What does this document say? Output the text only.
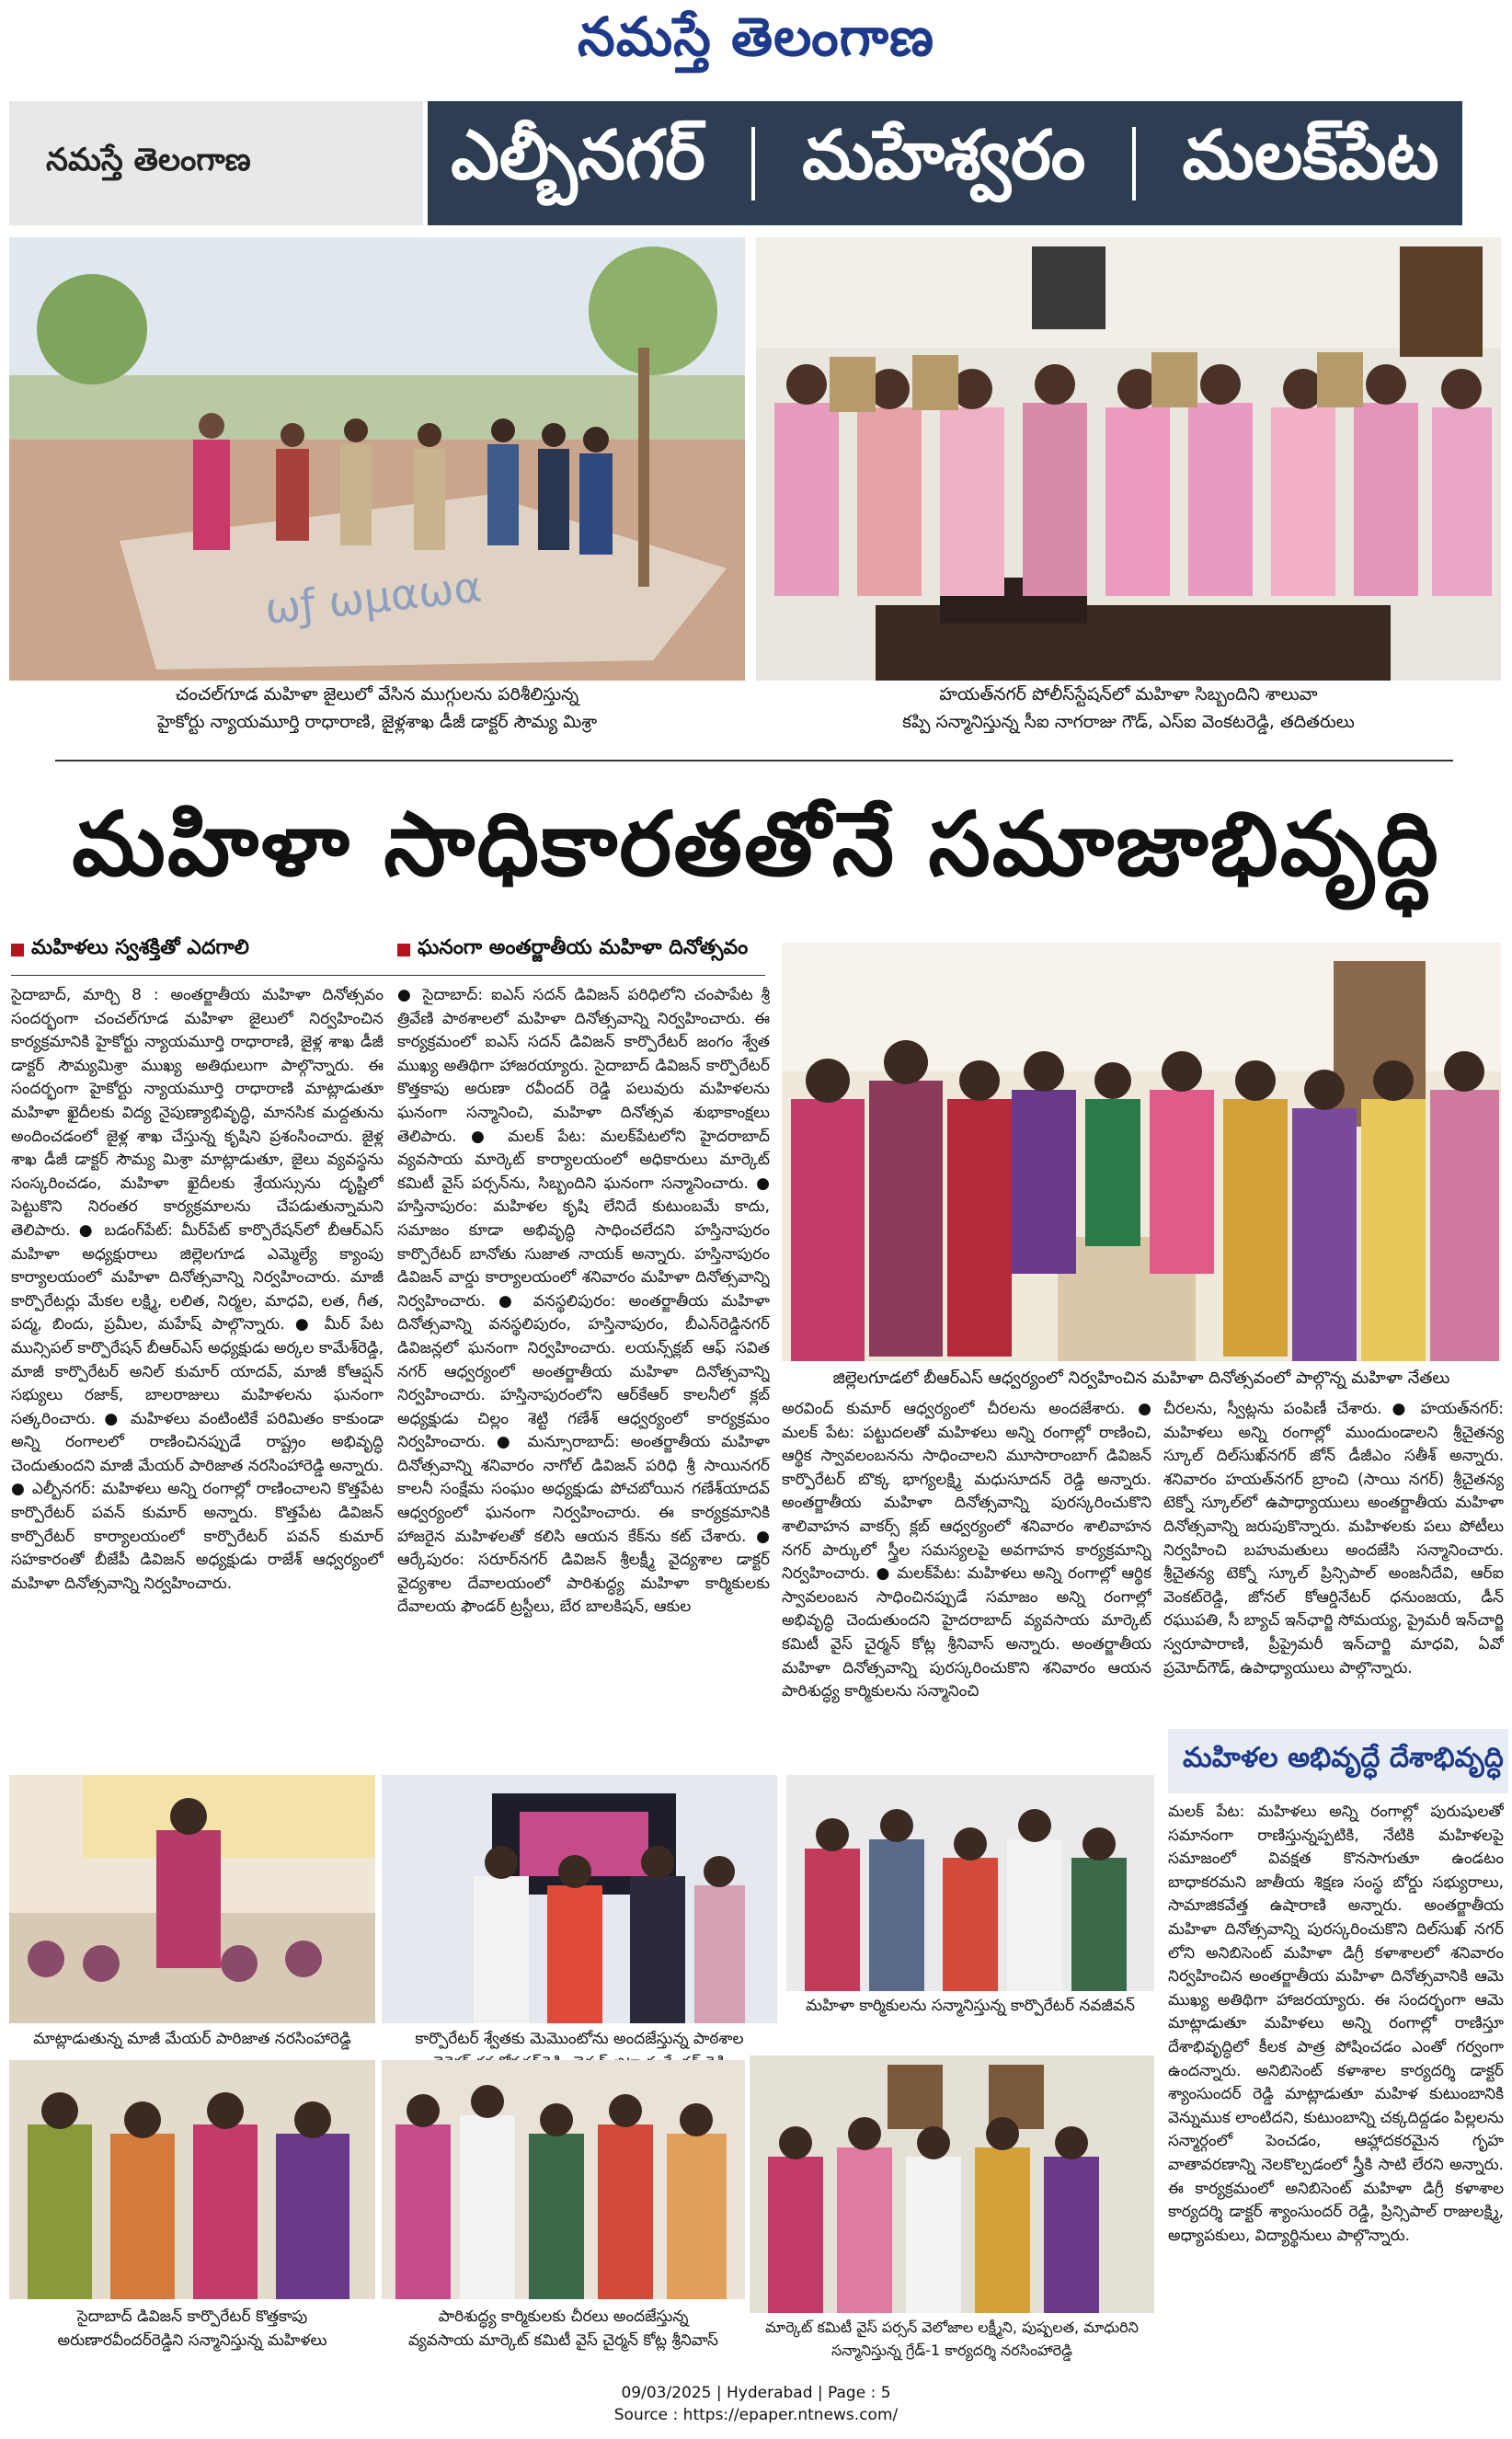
నమస్తే తెలంగాణ
నమస్తే తెలంగాణ	ఎల్బీనగర్ మహేశ్వరం మలక్‌పేట
ωƒ ωμαωα
చంచల్‌గూడ మహిళా జైలులో వేసిన ముగ్గులను పరిశీలిస్తున్న
హైకోర్టు న్యాయమూర్తి రాధారాణి, జైళ్లశాఖ డీజీ డాక్టర్ సౌమ్య మిశ్రా
హయత్‌నగర్ పోలీస్‌స్టేషన్‌లో మహిళా సిబ్బందిని శాలువా
కప్పి సన్మానిస్తున్న సీఐ నాగరాజు గౌడ్, ఎస్ఐ వెంకటరెడ్డి, తదితరులు
మహిళా సాధికారతతోనే సమాజాభివృద్ధి
మహిళలు స్వశక్తితో ఎదగాలి	ఘనంగా అంతర్జాతీయ మహిళా దినోత్సవం

సైదాబాద్, మార్చి 8 : అంతర్జాతీయ మహిళా దినోత్సవం సందర్భంగా చంచల్‌గూడ మహిళా జైలులో నిర్వహించిన కార్యక్రమానికి హైకోర్టు న్యాయమూర్తి రాధారాణి, జైళ్ల శాఖ డీజీ డాక్టర్ సౌమ్యమిశ్రా ముఖ్య అతిథులుగా పాల్గొన్నారు. ఈ సందర్భంగా హైకోర్టు న్యాయమూర్తి రాధారాణి మాట్లాడుతూ మహిళా ఖైదీలకు విద్య నైపుణ్యాభివృద్ధి, మానసిక మద్దతును అందించడంలో జైళ్ల శాఖ చేస్తున్న కృషిని ప్రశంసించారు. జైళ్ల శాఖ డీజీ డాక్టర్ సౌమ్య మిశ్రా మాట్లాడుతూ, జైలు వ్యవస్థను సంస్కరించడం, మహిళా ఖైదీలకు శ్రేయస్సును దృష్టిలో పెట్టుకొని నిరంతర కార్యక్రమాలను చేపడుతున్నామని తెలిపారు. ● బడంగ్‌పేట్: మీర్‌పేట్ కార్పొరేషన్‌లో బీఆర్‌ఎస్ మహిళా అధ్యక్షురాలు జిల్లెలగూడ ఎమ్మెల్యే క్యాంపు కార్యాలయంలో మహిళా దినోత్సవాన్ని నిర్వహించారు. మాజీ కార్పొరేటర్లు మేకల లక్ష్మి, లలిత, నిర్మల, మాధవి, లత, గీత, పద్మ, బిందు, ప్రమీల, మహేష్ పాల్గొన్నారు. ● మీర్ పేట మున్సిపల్ కార్పొరేషన్ బీఆర్ఎస్ అధ్యక్షుడు అర్కల కామేశ్‌రెడ్డి, మాజీ కార్పొరేటర్ అనిల్ కుమార్ యాదవ్, మాజీ కోఆప్షన్ సభ్యులు రజాక్, బాలరాజులు మహిళలను ఘనంగా సత్కరించారు. ● మహిళలు వంటింటికే పరిమితం కాకుండా అన్ని రంగాలలో రాణించినప్పుడే రాష్ట్రం అభివృద్ధి చెందుతుందని మాజీ మేయర్ పారిజాత నరసింహారెడ్డి అన్నారు. ● ఎల్బీనగర్: మహిళలు అన్ని రంగాల్లో రాణించాలని కొత్తపేట కార్పొరేటర్ పవన్ కుమార్ అన్నారు. కొత్తపేట డివిజన్ కార్పొరేటర్ కార్యాలయంలో కార్పొరేటర్ పవన్ కుమార్ సహకారంతో బీజేపీ డివిజన్ అధ్యక్షుడు రాజేశ్ ఆధ్వర్యంలో మహిళా దినోత్సవాన్ని నిర్వహించారు.

● సైదాబాద్: ఐఎస్ సదన్ డివిజన్ పరిధిలోని చంపాపేట శ్రీ త్రివేణి పాఠశాలలో మహిళా దినోత్సవాన్ని నిర్వహించారు. ఈ కార్యక్రమంలో ఐఎస్ సదన్ డివిజన్ కార్పొరేటర్ జంగం శ్వేత ముఖ్య అతిథిగా హాజరయ్యారు. సైదాబాద్ డివిజన్ కార్పొరేటర్ కొత్తకాపు అరుణా రవీందర్ రెడ్డి పలువురు మహిళలను ఘనంగా సన్మానించి, మహిళా దినోత్సవ శుభాకాంక్షలు తెలిపారు. ● మలక్ పేట: మలక్‌పేటలోని హైదరాబాద్ వ్యవసాయ మార్కెట్ కార్యాలయంలో అధికారులు మార్కెట్ కమిటీ వైస్ పర్సన్‌ను, సిబ్బందిని ఘనంగా సన్మానించారు. ● హస్తినాపురం: మహిళల కృషి లేనిదే కుటుంబమే కాదు, సమాజం కూడా అభివృద్ధి సాధించలేదని హస్తినాపురం కార్పొరేటర్ బానోతు సుజాత నాయక్ అన్నారు. హస్తినాపురం డివిజన్ వార్డు కార్యాలయంలో శనివారం మహిళా దినోత్సవాన్ని నిర్వహించారు. ● వనస్థలిపురం: అంతర్జాతీయ మహిళా దినోత్సవాన్ని వనస్థలిపురం, హస్తినాపురం, బీఎన్‌రెడ్డినగర్ డివిజన్లలో ఘనంగా నిర్వహించారు. లయన్స్‌క్లబ్ ఆఫ్ సవిత నగర్ ఆధ్వర్యంలో అంతర్జాతీయ మహిళా దినోత్సవాన్ని నిర్వహించారు. హస్తినాపురంలోని ఆర్‌కేఆర్ కాలనీలో క్లబ్ అధ్యక్షుడు చిల్లం శెట్టి గణేశ్ ఆధ్వర్యంలో కార్యక్రమం నిర్వహించారు. ● మన్సూరాబాద్: అంతర్జాతీయ మహిళా దినోత్సవాన్ని శనివారం నాగోల్ డివిజన్ పరిధి శ్రీ సాయినగర్ కాలనీ సంక్షేమ సంఘం అధ్యక్షుడు పోచబోయిన గణేశ్‌యాదవ్ ఆధ్వర్యంలో ఘనంగా నిర్వహించారు. ఈ కార్యక్రమానికి హాజరైన మహిళలతో కలిసి ఆయన కేక్‌ను కట్ చేశారు. ● ఆర్కేపురం: సరూర్‌నగర్ డివిజన్ శ్రీలక్ష్మీ వైద్యశాల డాక్టర్ వైద్యశాల దేవాలయంలో పారిశుద్ధ్య మహిళా కార్మికులకు దేవాలయ ఫౌండర్ ట్రస్టీలు, బేర బాలకిషన్, ఆకుల

జిల్లెలగూడలో బీఆర్‌ఎస్ ఆధ్వర్యంలో నిర్వహించిన మహిళా దినోత్సవంలో పాల్గొన్న మహిళా నేతలు

అరవింద్ కుమార్ ఆధ్వర్యంలో చీరలను అందజేశారు. ● మలక్ పేట: పట్టుదలతో మహిళలు అన్ని రంగాల్లో రాణించి, ఆర్థిక స్వావలంబనను సాధించాలని మూసారాంబాగ్ డివిజన్ కార్పొరేటర్ బొక్క భాగ్యలక్ష్మి మధుసూదన్ రెడ్డి అన్నారు. అంతర్జాతీయ మహిళా దినోత్సవాన్ని పురస్కరించుకొని శాలివాహన వాకర్స్ క్లబ్ ఆధ్వర్యంలో శనివారం శాలివాహన నగర్ పార్కులో స్త్రీల సమస్యలపై అవగాహన కార్యక్రమాన్ని నిర్వహించారు. ● మలక్‌పేట: మహిళలు అన్ని రంగాల్లో ఆర్థిక స్వావలంబన సాధించినప్పుడే సమాజం అన్ని రంగాల్లో అభివృద్ధి చెందుతుందని హైదరాబాద్ వ్యవసాయ మార్కెట్ కమిటీ వైస్ చైర్మన్ కోట్ల శ్రీనివాస్ అన్నారు. అంతర్జాతీయ మహిళా దినోత్సవాన్ని పురస్కరించుకొని శనివారం ఆయన పారిశుద్ధ్య కార్మికులను సన్మానించి

చీరలను, స్వీట్లను పంపిణీ చేశారు. ● హయత్‌నగర్: మహిళలు అన్ని రంగాల్లో ముందుండాలని శ్రీచైతన్య స్కూల్ దిల్‌సుఖ్‌నగర్ జోన్ డీజీఎం సతీశ్ అన్నారు. శనివారం హయత్‌నగర్ బ్రాంచి (సాయి నగర్) శ్రీచైతన్య టెక్నో స్కూల్‌లో ఉపాధ్యాయులు అంతర్జాతీయ మహిళా దినోత్సవాన్ని జరుపుకొన్నారు. మహిళలకు పలు పోటీలు నిర్వహించి బహుమతులు అందజేసి సన్మానించారు. శ్రీచైతన్య టెక్నో స్కూల్ ప్రిన్సిపాల్ అంజనీదేవి, ఆర్‌ఐ వెంకట్‌రెడ్డి, జోనల్ కోఆర్డినేటర్ ధనుంజయ, డీన్ రఘుపతి, సీ బ్యాచ్ ఇన్‌ఛార్జి సోమయ్య, ప్రైమరీ ఇన్‌చార్జి స్వరూపారాణి, ప్రీప్రైమరీ ఇన్‌చార్జి మాధవి, ఏవో ప్రమోద్‌గౌడ్, ఉపాధ్యాయులు పాల్గొన్నారు.

మహిళల అభివృద్ధే దేశాభివృద్ధి

మలక్ పేట: మహిళలు అన్ని రంగాల్లో పురుషులతో సమానంగా రాణిస్తున్నప్పటికి, నేటికి మహిళలపై సమాజంలో వివక్షత కొనసాగుతూ ఉండటం బాధాకరమని జాతీయ శిక్షణ సంస్థ బోర్డు సభ్యురాలు, సామాజికవేత్త ఉషారాణి అన్నారు. అంతర్జాతీయ మహిళా దినోత్సవాన్ని పురస్కరించుకొని దిల్‌సుఖ్ నగర్ లోని అనిబిసెంట్ మహిళా డిగ్రీ కళాశాలలో శనివారం నిర్వహించిన అంతర్జాతీయ మహిళా దినోత్సవానికి ఆమె ముఖ్య అతిథిగా హాజరయ్యారు. ఈ సందర్భంగా ఆమె మాట్లాడుతూ మహిళలు అన్ని రంగాల్లో రాణిస్తూ దేశాభివృద్ధిలో కీలక పాత్ర పోషించడం ఎంతో గర్వంగా ఉందన్నారు. అనిబిసెంట్ కళాశాల కార్యదర్శి డాక్టర్ శ్యాంసుందర్ రెడ్డి మాట్లాడుతూ మహిళ కుటుంబానికి వెన్నుముక లాంటిదని, కుటుంబాన్ని చక్కదిద్దడం పిల్లలను సన్మార్గంలో పెంచడం, ఆహ్లాదకరమైన గృహ వాతావరణాన్ని నెలకొల్పడంలో స్త్రీకి సాటి లేరని అన్నారు. ఈ కార్యక్రమంలో అనిబిసెంట్ మహిళా డిగ్రీ కళాశాల కార్యదర్శి డాక్టర్ శ్యాంసుందర్ రెడ్డి, ప్రిన్సిపాల్ రాజులక్ష్మి, అధ్యాపకులు, విద్యార్థినులు పాల్గొన్నారు.

మాట్లాడుతున్న మాజీ మేయర్ పారిజాత నరసింహారెడ్డి	కార్పొరేటర్ శ్వేతకు మెమొంటోను అందజేస్తున్న పాఠశాల
మహిళా కార్మికులను సన్మానిస్తున్న కార్పొరేటర్ నవజీవన్
సైదాబాద్ డివిజన్ కార్పొరేటర్ కొత్తకాపు
అరుణారవీందర్‌రెడ్డిని సన్మానిస్తున్న మహిళలు
పారిశుద్ధ్య కార్మికులకు చీరలు అందజేస్తున్న
వ్యవసాయ మార్కెట్ కమిటీ వైస్ చైర్మన్ కోట్ల శ్రీనివాస్
మార్కెట్ కమిటీ వైస్ పర్సన్ వెలోజాల లక్ష్మీని, పుష్పలత, మాధురిని
సన్మానిస్తున్న గ్రేడ్-1 కార్యదర్శి నరసింహారెడ్డి
09/03/2025 | Hyderabad | Page : 5
Source : https://epaper.ntnews.com/
